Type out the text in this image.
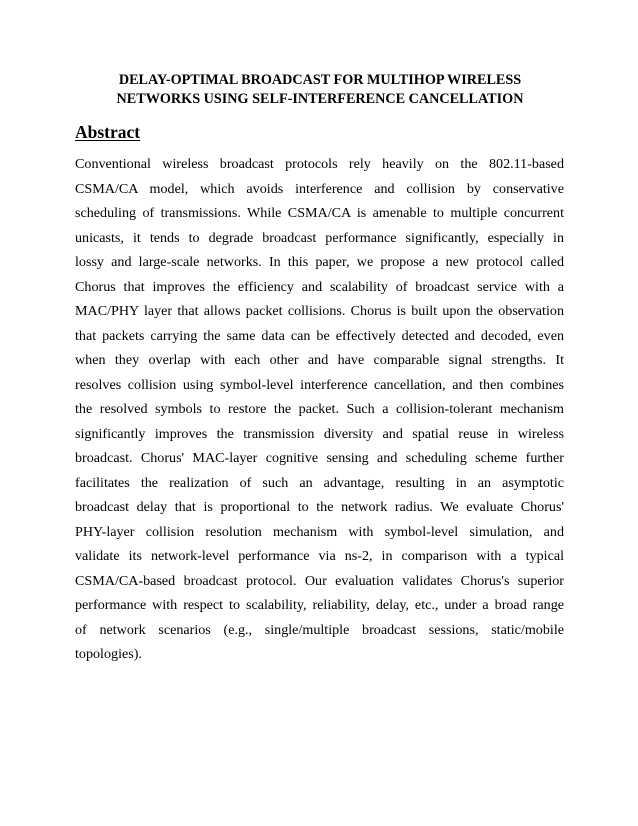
DELAY-OPTIMAL BROADCAST FOR MULTIHOP WIRELESS
NETWORKS USING SELF-INTERFERENCE CANCELLATION
Abstract
Conventional wireless broadcast protocols rely heavily on the 802.11-based
CSMA/CA model, which avoids interference and collision by conservative
scheduling of transmissions. While CSMA/CA is amenable to multiple concurrent
unicasts, it tends to degrade broadcast performance significantly, especially in
lossy and large-scale networks. In this paper, we propose a new protocol called
Chorus that improves the efficiency and scalability of broadcast service with a
MAC/PHY layer that allows packet collisions. Chorus is built upon the observation
that packets carrying the same data can be effectively detected and decoded, even
when they overlap with each other and have comparable signal strengths. It
resolves collision using symbol-level interference cancellation, and then combines
the resolved symbols to restore the packet. Such a collision-tolerant mechanism
significantly improves the transmission diversity and spatial reuse in wireless
broadcast. Chorus' MAC-layer cognitive sensing and scheduling scheme further
facilitates the realization of such an advantage, resulting in an asymptotic
broadcast delay that is proportional to the network radius. We evaluate Chorus'
PHY-layer collision resolution mechanism with symbol-level simulation, and
validate its network-level performance via ns-2, in comparison with a typical
CSMA/CA-based broadcast protocol. Our evaluation validates Chorus's superior
performance with respect to scalability, reliability, delay, etc., under a broad range
of network scenarios (e.g., single/multiple broadcast sessions, static/mobile
topologies).
